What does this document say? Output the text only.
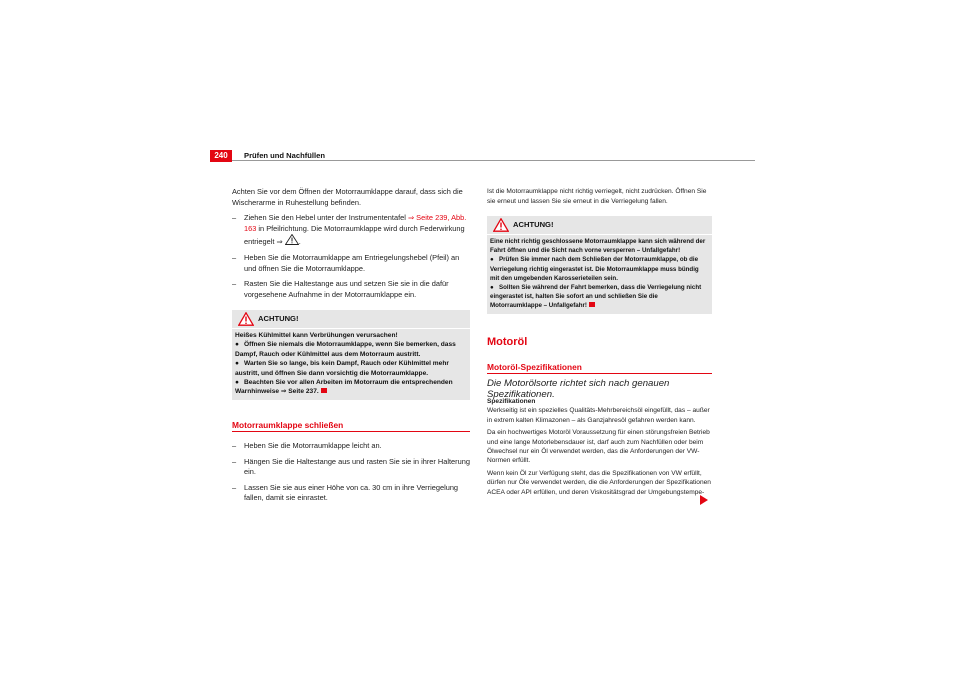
240	Prüfen und Nachfüllen

Achten Sie vor dem Öffnen der Motorraumklappe darauf, dass sich die Wischerarme in Ruhestellung befinden.

– Ziehen Sie den Hebel unter der Instrumententafel ⇒ Seite 239, Abb. 163 in Pfeilrichtung. Die Motorraumklappe wird durch Federwirkung entriegelt ⇒ .

– Heben Sie die Motorraumklappe am Entriegelungshebel (Pfeil) an und öffnen Sie die Motorraumklappe.

– Rasten Sie die Haltestange aus und setzen Sie sie in die dafür vorgesehene Aufnahme in der Motorraumklappe ein.

ACHTUNG!

Heißes Kühlmittel kann Verbrühungen verursachen!

● Öffnen Sie niemals die Motorraumklappe, wenn Sie bemerken, dass Dampf, Rauch oder Kühlmittel aus dem Motorraum austritt.

● Warten Sie so lange, bis kein Dampf, Rauch oder Kühlmittel mehr austritt, und öffnen Sie dann vorsichtig die Motorraumklappe.

● Beachten Sie vor allen Arbeiten im Motorraum die entsprechenden Warnhinweise ⇒ Seite 237.

Motorraumklappe schließen

– Heben Sie die Motorraumklappe leicht an.

– Hängen Sie die Haltestange aus und rasten Sie sie in ihrer Halterung ein.

– Lassen Sie sie aus einer Höhe von ca. 30 cm in ihre Verriegelung fallen, damit sie einrastet.

Ist die Motorraumklappe nicht richtig verriegelt, nicht zudrücken. Öffnen Sie sie erneut und lassen Sie sie erneut in die Verriegelung fallen.
ACHTUNG!

Eine nicht richtig geschlossene Motorraumklappe kann sich während der Fahrt öffnen und die Sicht nach vorne versperren – Unfallgefahr!

● Prüfen Sie immer nach dem Schließen der Motorraumklappe, ob die Verriegelung richtig eingerastet ist. Die Motorraumklappe muss bündig mit den umgebenden Karosserieteilen sein.

● Sollten Sie während der Fahrt bemerken, dass die Verriegelung nicht eingerastet ist, halten Sie sofort an und schließen Sie die Motorraumklappe – Unfallgefahr!

Motoröl
Motoröl-Spezifikationen
Die Motorölsorte richtet sich nach genauen Spezifikationen.

Spezifikationen

Werkseitig ist ein spezielles Qualitäts-Mehrbereichsöl eingefüllt, das – außer in extrem kalten Klimazonen – als Ganzjahresöl gefahren werden kann.

Da ein hochwertiges Motoröl Voraussetzung für einen störungsfreien Betrieb und eine lange Motorlebensdauer ist, darf auch zum Nachfüllen oder beim Ölwechsel nur ein Öl verwendet werden, das die Anforderungen der VW-Normen erfüllt.

Wenn kein Öl zur Verfügung steht, das die Spezifikationen von VW erfüllt, dürfen nur Öle verwendet werden, die die Anforderungen der Spezifikationen ACEA oder API erfüllen, und deren Viskositätsgrad der Umgebungstempe-
